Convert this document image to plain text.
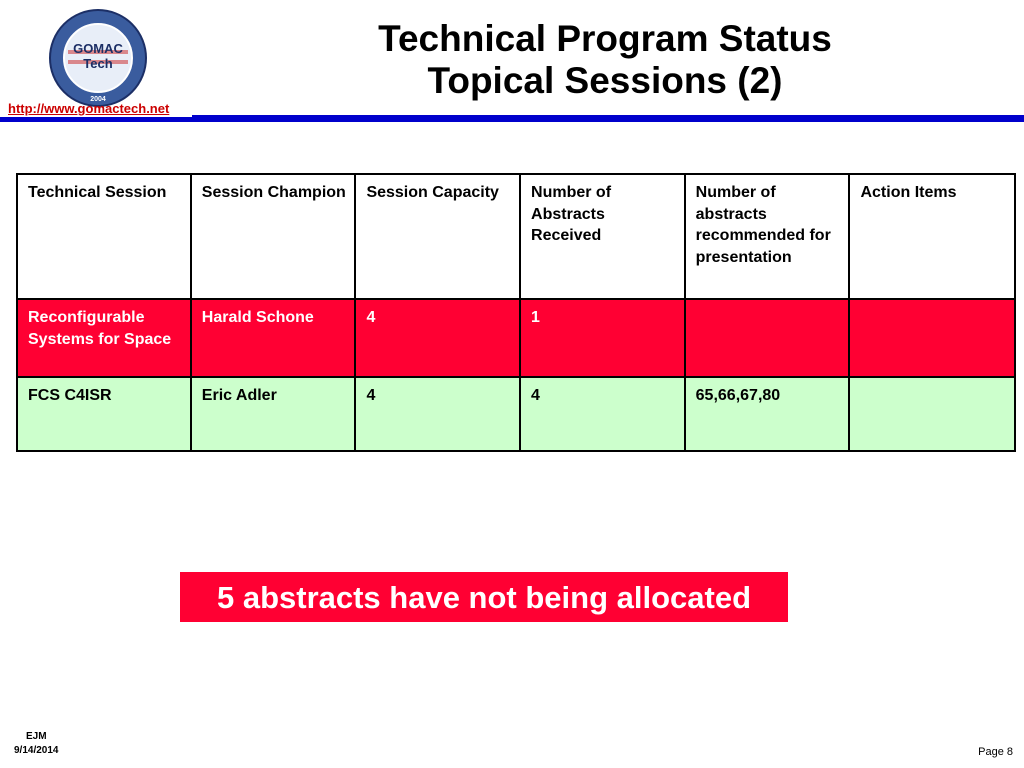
GOMAC
Tech
2004
http://www.gomactech.net
Technical Program Status
Topical Sessions (2)
Technical Session	Session Champion	Session Capacity	Number of Abstracts Received	Number of abstracts recommended for presentation	Action Items
Reconfigurable Systems for Space	Harald Schone	4	1		
FCS C4ISR	Eric Adler	4	4	65,66,67,80	
5 abstracts have not being allocated
EJM
9/14/2014	Page 8
